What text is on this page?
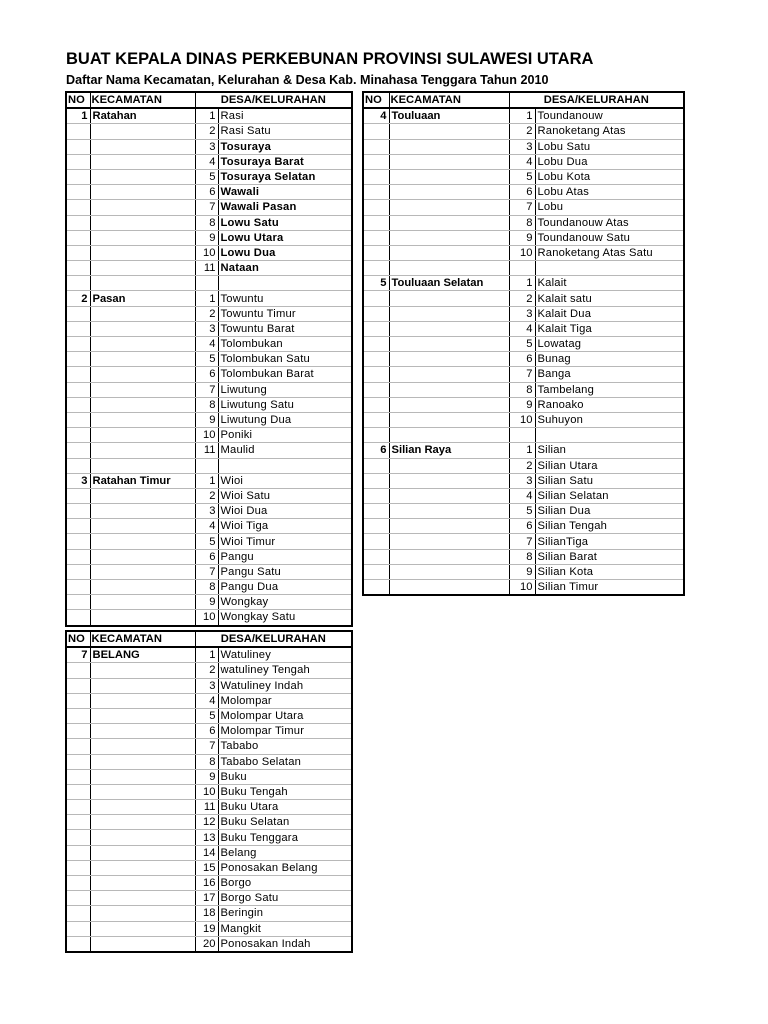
BUAT KEPALA DINAS PERKEBUNAN PROVINSI SULAWESI UTARA
Daftar Nama Kecamatan, Kelurahan & Desa Kab. Minahasa Tenggara Tahun 2010
NO	KECAMATAN	DESA/KELURAHAN	
1	Ratahan	1	Rasi
		2	Rasi Satu
		3	Tosuraya
		4	Tosuraya Barat
		5	Tosuraya Selatan
		6	Wawali
		7	Wawali Pasan
		8	Lowu Satu
		9	Lowu Utara
		10	Lowu Dua
		11	Nataan

2	Pasan	1	Towuntu
		2	Towuntu Timur
		3	Towuntu Barat
		4	Tolombukan
		5	Tolombukan Satu
		6	Tolombukan Barat
		7	Liwutung
		8	Liwutung Satu
		9	Liwutung Dua
		10	Poniki
		11	Maulid

3	Ratahan Timur	1	Wioi
		2	Wioi Satu
		3	Wioi Dua
		4	Wioi Tiga
		5	Wioi Timur
		6	Pangu
		7	Pangu Satu
		8	Pangu Dua
		9	Wongkay
		10	Wongkay Satu
NO	KECAMATAN	DESA/KELURAHAN	
4	Touluaan	1	Toundanouw
		2	Ranoketang Atas
		3	Lobu Satu
		4	Lobu Dua
		5	Lobu Kota
		6	Lobu Atas
		7	Lobu
		8	Toundanouw Atas
		9	Toundanouw Satu
		10	Ranoketang Atas Satu

5	Touluaan Selatan	1	Kalait
		2	Kalait satu
		3	Kalait Dua
		4	Kalait Tiga
		5	Lowatag
		6	Bunag
		7	Banga
		8	Tambelang
		9	Ranoako
		10	Suhuyon

6	Silian Raya	1	Silian
		2	Silian Utara
		3	Silian Satu
		4	Silian Selatan
		5	Silian Dua
		6	Silian Tengah
		7	SilianTiga
		8	Silian Barat
		9	Silian Kota
		10	Silian Timur
NO	KECAMATAN	DESA/KELURAHAN	
7	BELANG	1	Watuliney
		2	watuliney Tengah
		3	Watuliney Indah
		4	Molompar
		5	Molompar Utara
		6	Molompar Timur
		7	Tababo
		8	Tababo Selatan
		9	Buku
		10	Buku Tengah
		11	Buku Utara
		12	Buku Selatan
		13	Buku Tenggara
		14	Belang
		15	Ponosakan Belang
		16	Borgo
		17	Borgo Satu
		18	Beringin
		19	Mangkit
		20	Ponosakan Indah
